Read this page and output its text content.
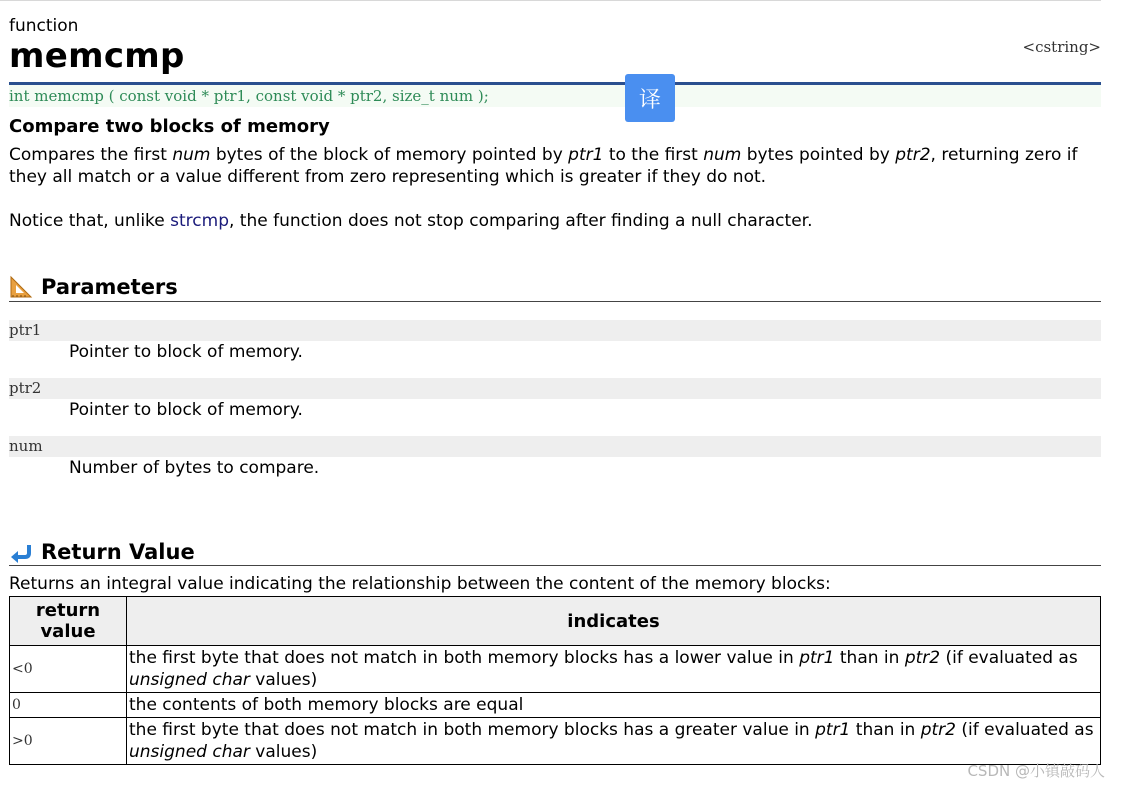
function
memcmp	<cstring>
int memcmp ( const void * ptr1, const void * ptr2, size_t num );
Compare two blocks of memory
Compares the first num bytes of the block of memory pointed by ptr1 to the first num bytes pointed by ptr2, returning zero if they all match or a value different from zero representing which is greater if they do not.
Notice that, unlike strcmp, the function does not stop comparing after finding a null character.
Parameters
ptr1
Pointer to block of memory.
ptr2
Pointer to block of memory.
num
Number of bytes to compare.
Return Value
Returns an integral value indicating the relationship between the content of the memory blocks:
return value	indicates
<0	the first byte that does not match in both memory blocks has a lower value in ptr1 than in ptr2 (if evaluated as unsigned char values)
0	the contents of both memory blocks are equal
>0	the first byte that does not match in both memory blocks has a greater value in ptr1 than in ptr2 (if evaluated as unsigned char values)
译
CSDN @小镇敲码人
